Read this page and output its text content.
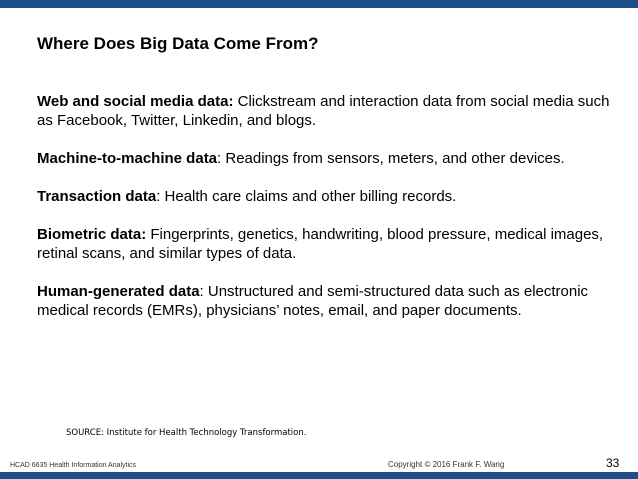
Where Does Big Data Come From?

Web and social media data: Clickstream and interaction data from social media such as Facebook, Twitter, Linkedin, and blogs.

Machine-to-machine data: Readings from sensors, meters, and other devices.

Transaction data: Health care claims and other billing records.

Biometric data: Fingerprints, genetics, handwriting, blood pressure, medical images, retinal scans, and similar types of data.

Human-generated data: Unstructured and semi-structured data such as electronic medical records (EMRs), physicians’ notes, email, and paper documents.

SOURCE: Institute for Health Technology Transformation.
HCAD 6635 Health Information Analytics	Copyright © 2016 Frank F. Wang	33
